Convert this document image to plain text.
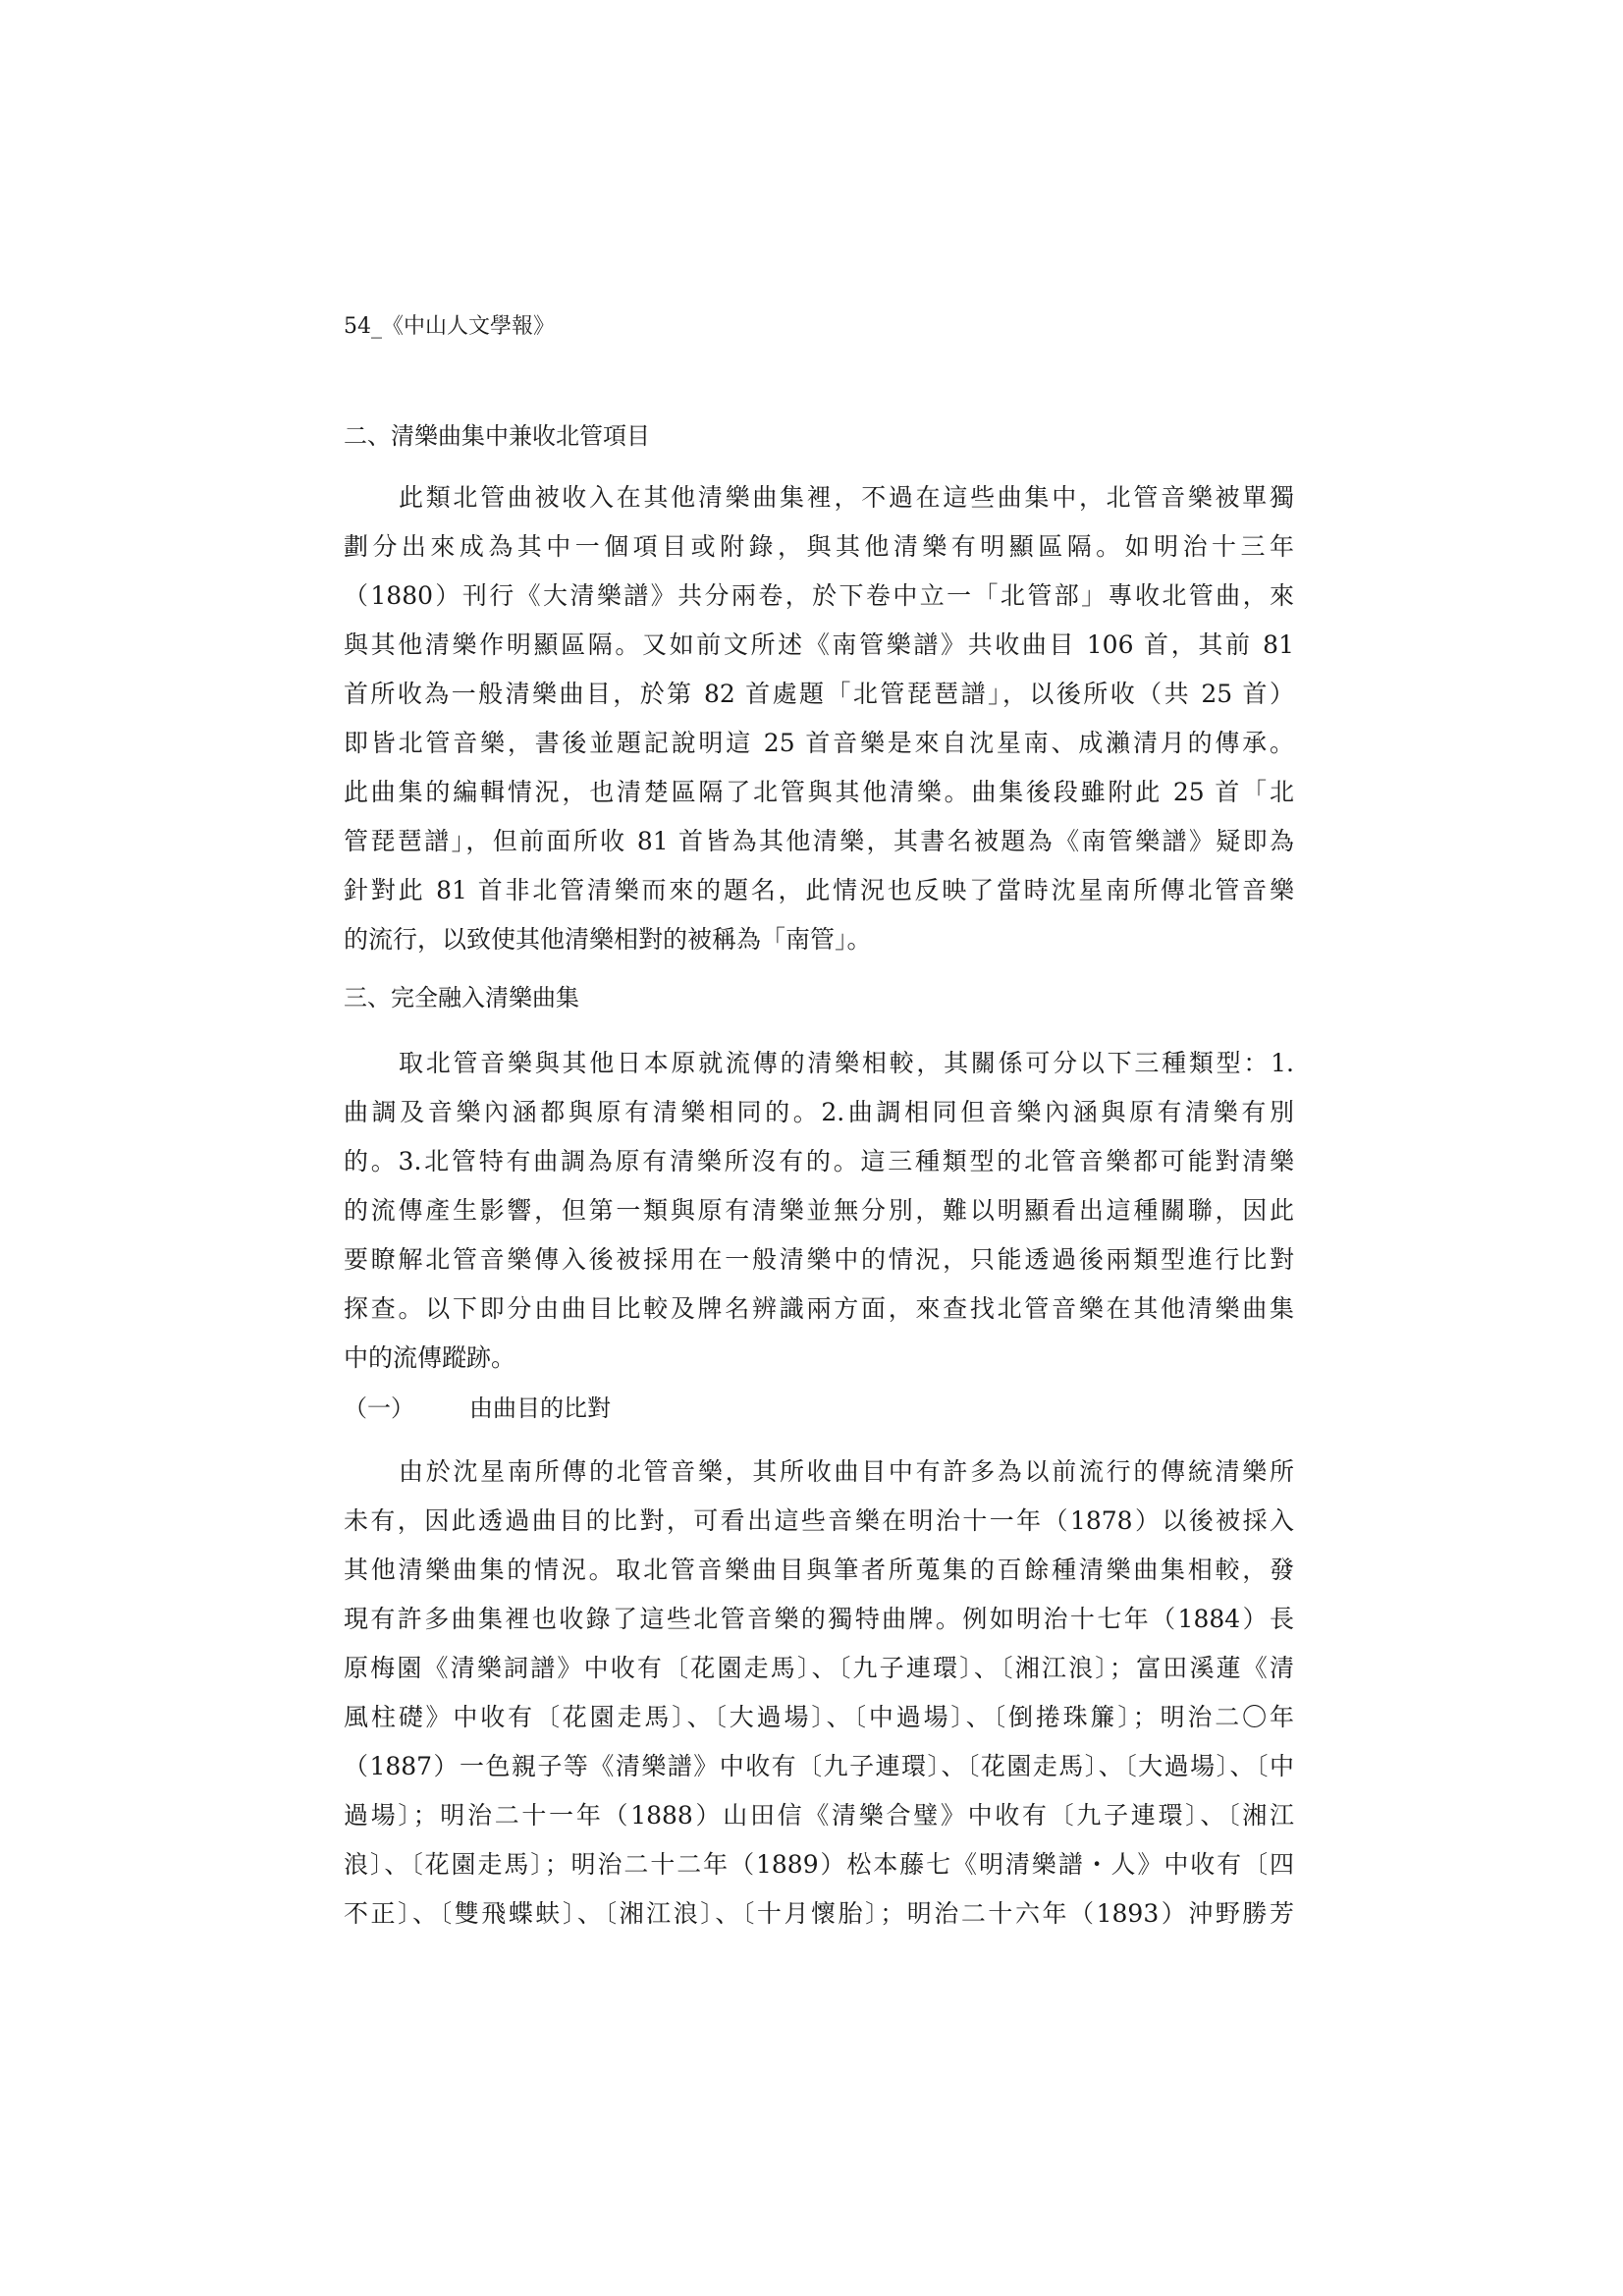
54_《中山人文學報》
二、清樂曲集中兼收北管項目
此類北管曲被收入在其他清樂曲集裡，不過在這些曲集中，北管音樂被單獨
劃分出來成為其中一個項目或附錄，與其他清樂有明顯區隔。如明治十三年
（1880）刊行《大清樂譜》共分兩卷，於下卷中立一「北管部」專收北管曲，來
與其他清樂作明顯區隔。又如前文所述《南管樂譜》共收曲目 106 首，其前 81
首所收為一般清樂曲目，於第 82 首處題「北管琵琶譜」，以後所收（共 25 首）
即皆北管音樂，書後並題記說明這 25 首音樂是來自沈星南、成瀨清月的傳承。
此曲集的編輯情況，也清楚區隔了北管與其他清樂。曲集後段雖附此 25 首「北
管琵琶譜」，但前面所收 81 首皆為其他清樂，其書名被題為《南管樂譜》疑即為
針對此 81 首非北管清樂而來的題名，此情況也反映了當時沈星南所傳北管音樂
的流行，以致使其他清樂相對的被稱為「南管」。
三、完全融入清樂曲集
取北管音樂與其他日本原就流傳的清樂相較，其關係可分以下三種類型：1.
曲調及音樂內涵都與原有清樂相同的。2.曲調相同但音樂內涵與原有清樂有別
的。3.北管特有曲調為原有清樂所沒有的。這三種類型的北管音樂都可能對清樂
的流傳產生影響，但第一類與原有清樂並無分別，難以明顯看出這種關聯，因此
要瞭解北管音樂傳入後被採用在一般清樂中的情況，只能透過後兩類型進行比對
探查。以下即分由曲目比較及牌名辨識兩方面，來查找北管音樂在其他清樂曲集
中的流傳蹤跡。
（一） 由曲目的比對
由於沈星南所傳的北管音樂，其所收曲目中有許多為以前流行的傳統清樂所
未有，因此透過曲目的比對，可看出這些音樂在明治十一年（1878）以後被採入
其他清樂曲集的情況。取北管音樂曲目與筆者所蒐集的百餘種清樂曲集相較，發
現有許多曲集裡也收錄了這些北管音樂的獨特曲牌。例如明治十七年（1884）長
原梅園《清樂詞譜》中收有〔花園走馬〕、〔九子連環〕、〔湘江浪〕；富田溪蓮《清
風柱礎》中收有〔花園走馬〕、〔大過場〕、〔中過場〕、〔倒捲珠簾〕；明治二〇年
（1887）一色親子等《清樂譜》中收有〔九子連環〕、〔花園走馬〕、〔大過場〕、〔中
過場〕；明治二十一年（1888）山田信《清樂合璧》中收有〔九子連環〕、〔湘江
浪〕、〔花園走馬〕；明治二十二年（1889）松本藤七《明清樂譜・人》中收有〔四
不正〕、〔雙飛蝶蚨〕、〔湘江浪〕、〔十月懷胎〕；明治二十六年（1893）沖野勝芳
